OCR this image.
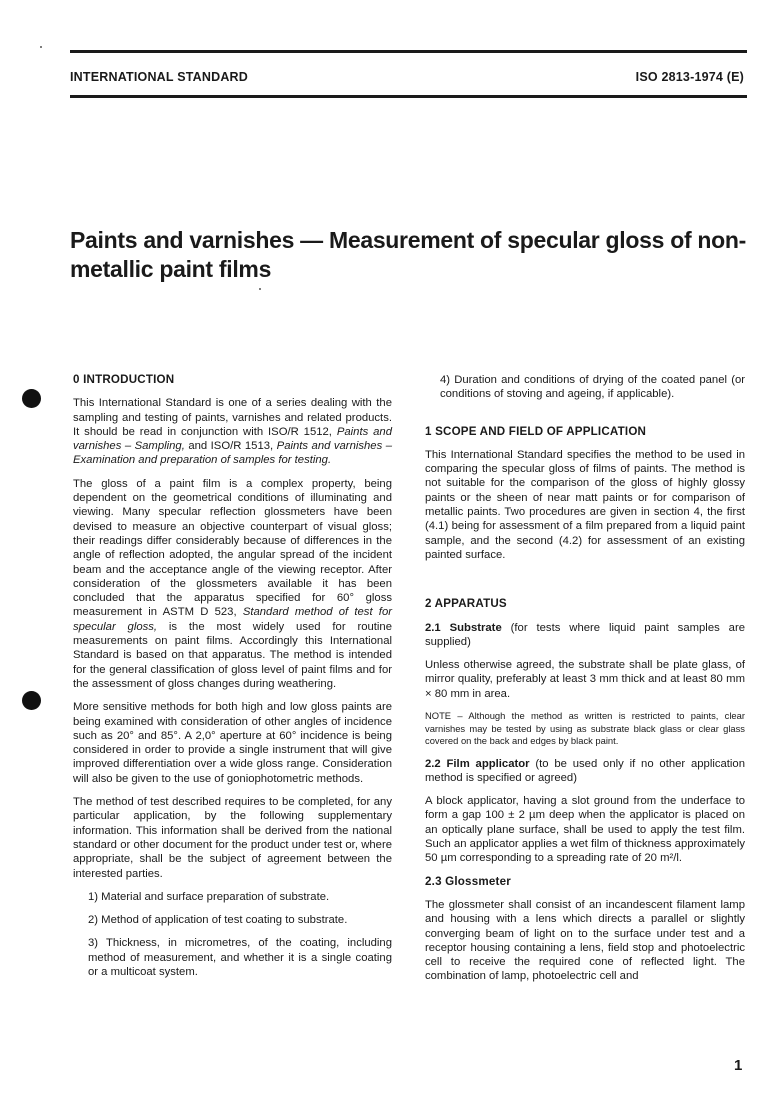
INTERNATIONAL STANDARD	ISO 2813-1974 (E)
Paints and varnishes — Measurement of specular gloss of non-metallic paint films
0 INTRODUCTION

This International Standard is one of a series dealing with the sampling and testing of paints, varnishes and related products. It should be read in conjunction with ISO/R 1512, Paints and varnishes – Sampling, and ISO/R 1513, Paints and varnishes – Examination and preparation of samples for testing.

The gloss of a paint film is a complex property, being dependent on the geometrical conditions of illuminating and viewing. Many specular reflection glossmeters have been devised to measure an objective counterpart of visual gloss; their readings differ considerably because of differences in the angle of reflection adopted, the angular spread of the incident beam and the acceptance angle of the viewing receptor. After consideration of the glossmeters available it has been concluded that the apparatus specified for 60° gloss measurement in ASTM D 523, Standard method of test for specular gloss, is the most widely used for routine measurements on paint films. Accordingly this International Standard is based on that apparatus. The method is intended for the general classification of gloss level of paint films and for the assessment of gloss changes during weathering.

More sensitive methods for both high and low gloss paints are being examined with consideration of other angles of incidence such as 20° and 85°. A 2,0° aperture at 60° incidence is being considered in order to provide a single instrument that will give improved differentiation over a wide gloss range. Consideration will also be given to the use of goniophotometric methods.

The method of test described requires to be completed, for any particular application, by the following supplementary information. This information shall be derived from the national standard or other document for the product under test or, where appropriate, shall be the subject of agreement between the interested parties.

1) Material and surface preparation of substrate.

2) Method of application of test coating to substrate.

3) Thickness, in micrometres, of the coating, including method of measurement, and whether it is a single coating or a multicoat system.

4) Duration and conditions of drying of the coated panel (or conditions of stoving and ageing, if applicable).

1 SCOPE AND FIELD OF APPLICATION

This International Standard specifies the method to be used in comparing the specular gloss of films of paints. The method is not suitable for the comparison of the gloss of highly glossy paints or the sheen of near matt paints or for comparison of metallic paints. Two procedures are given in section 4, the first (4.1) being for assessment of a film prepared from a liquid paint sample, and the second (4.2) for assessment of an existing painted surface.

2 APPARATUS

2.1 Substrate (for tests where liquid paint samples are supplied)

Unless otherwise agreed, the substrate shall be plate glass, of mirror quality, preferably at least 3 mm thick and at least 80 mm × 80 mm in area.

NOTE – Although the method as written is restricted to paints, clear varnishes may be tested by using as substrate black glass or clear glass covered on the back and edges by black paint.

2.2 Film applicator (to be used only if no other application method is specified or agreed)

A block applicator, having a slot ground from the underface to form a gap 100 ± 2 µm deep when the applicator is placed on an optically plane surface, shall be used to apply the test film. Such an applicator applies a wet film of thickness approximately 50 µm corresponding to a spreading rate of 20 m²/l.

2.3 Glossmeter

The glossmeter shall consist of an incandescent filament lamp and housing with a lens which directs a parallel or slightly converging beam of light on to the surface under test and a receptor housing containing a lens, field stop and photoelectric cell to receive the required cone of reflected light. The combination of lamp, photoelectric cell and

1
